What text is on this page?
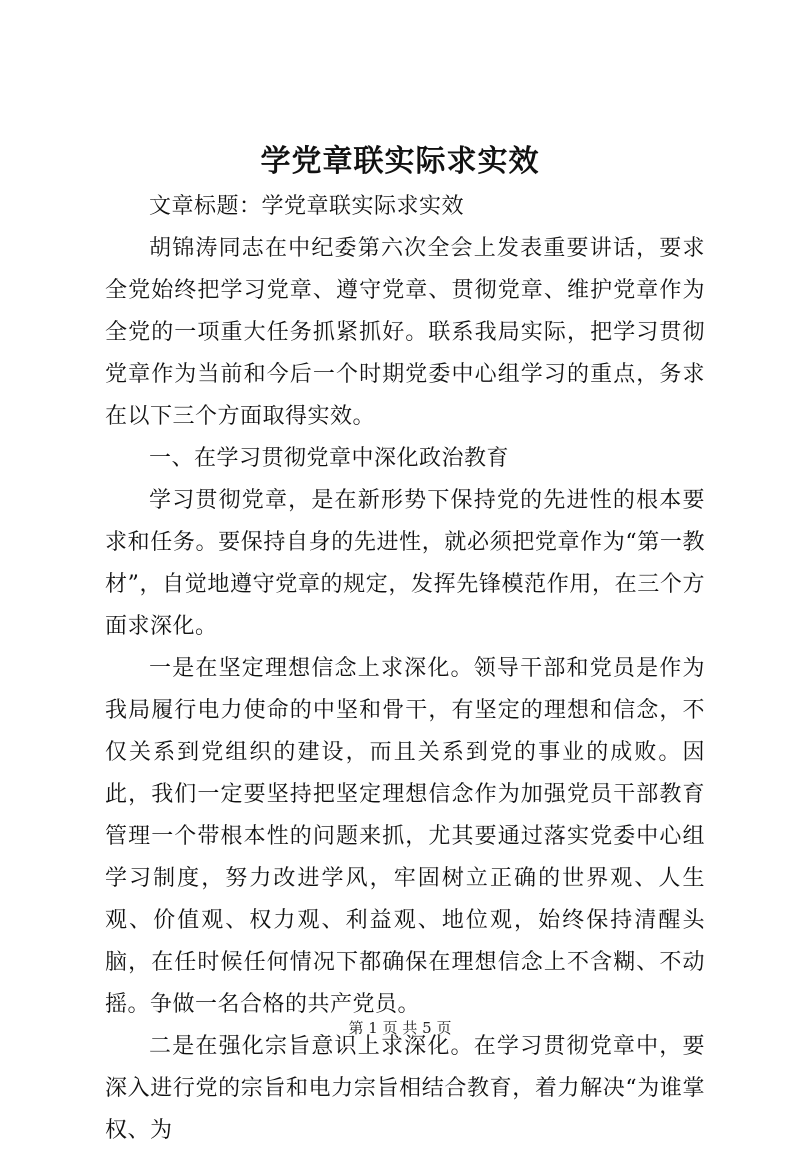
学党章联实际求实效

文章标题：学党章联实际求实效

胡锦涛同志在中纪委第六次全会上发表重要讲话，要求全党始终把学习党章、遵守党章、贯彻党章、维护党章作为全党的一项重大任务抓紧抓好。联系我局实际，把学习贯彻党章作为当前和今后一个时期党委中心组学习的重点，务求在以下三个方面取得实效。

一、在学习贯彻党章中深化政治教育

学习贯彻党章，是在新形势下保持党的先进性的根本要求和任务。要保持自身的先进性，就必须把党章作为“第一教材”，自觉地遵守党章的规定，发挥先锋模范作用，在三个方面求深化。

一是在坚定理想信念上求深化。领导干部和党员是作为我局履行电力使命的中坚和骨干，有坚定的理想和信念，不仅关系到党组织的建设，而且关系到党的事业的成败。因此，我们一定要坚持把坚定理想信念作为加强党员干部教育管理一个带根本性的问题来抓，尤其要通过落实党委中心组学习制度，努力改进学风，牢固树立正确的世界观、人生观、价值观、权力观、利益观、地位观，始终保持清醒头脑，在任时候任何情况下都确保在理想信念上不含糊、不动摇。争做一名合格的共产党员。

二是在强化宗旨意识上求深化。在学习贯彻党章中，要深入进行党的宗旨和电力宗旨相结合教育，着力解决“为谁掌权、为

第 1 页 共 5 页
